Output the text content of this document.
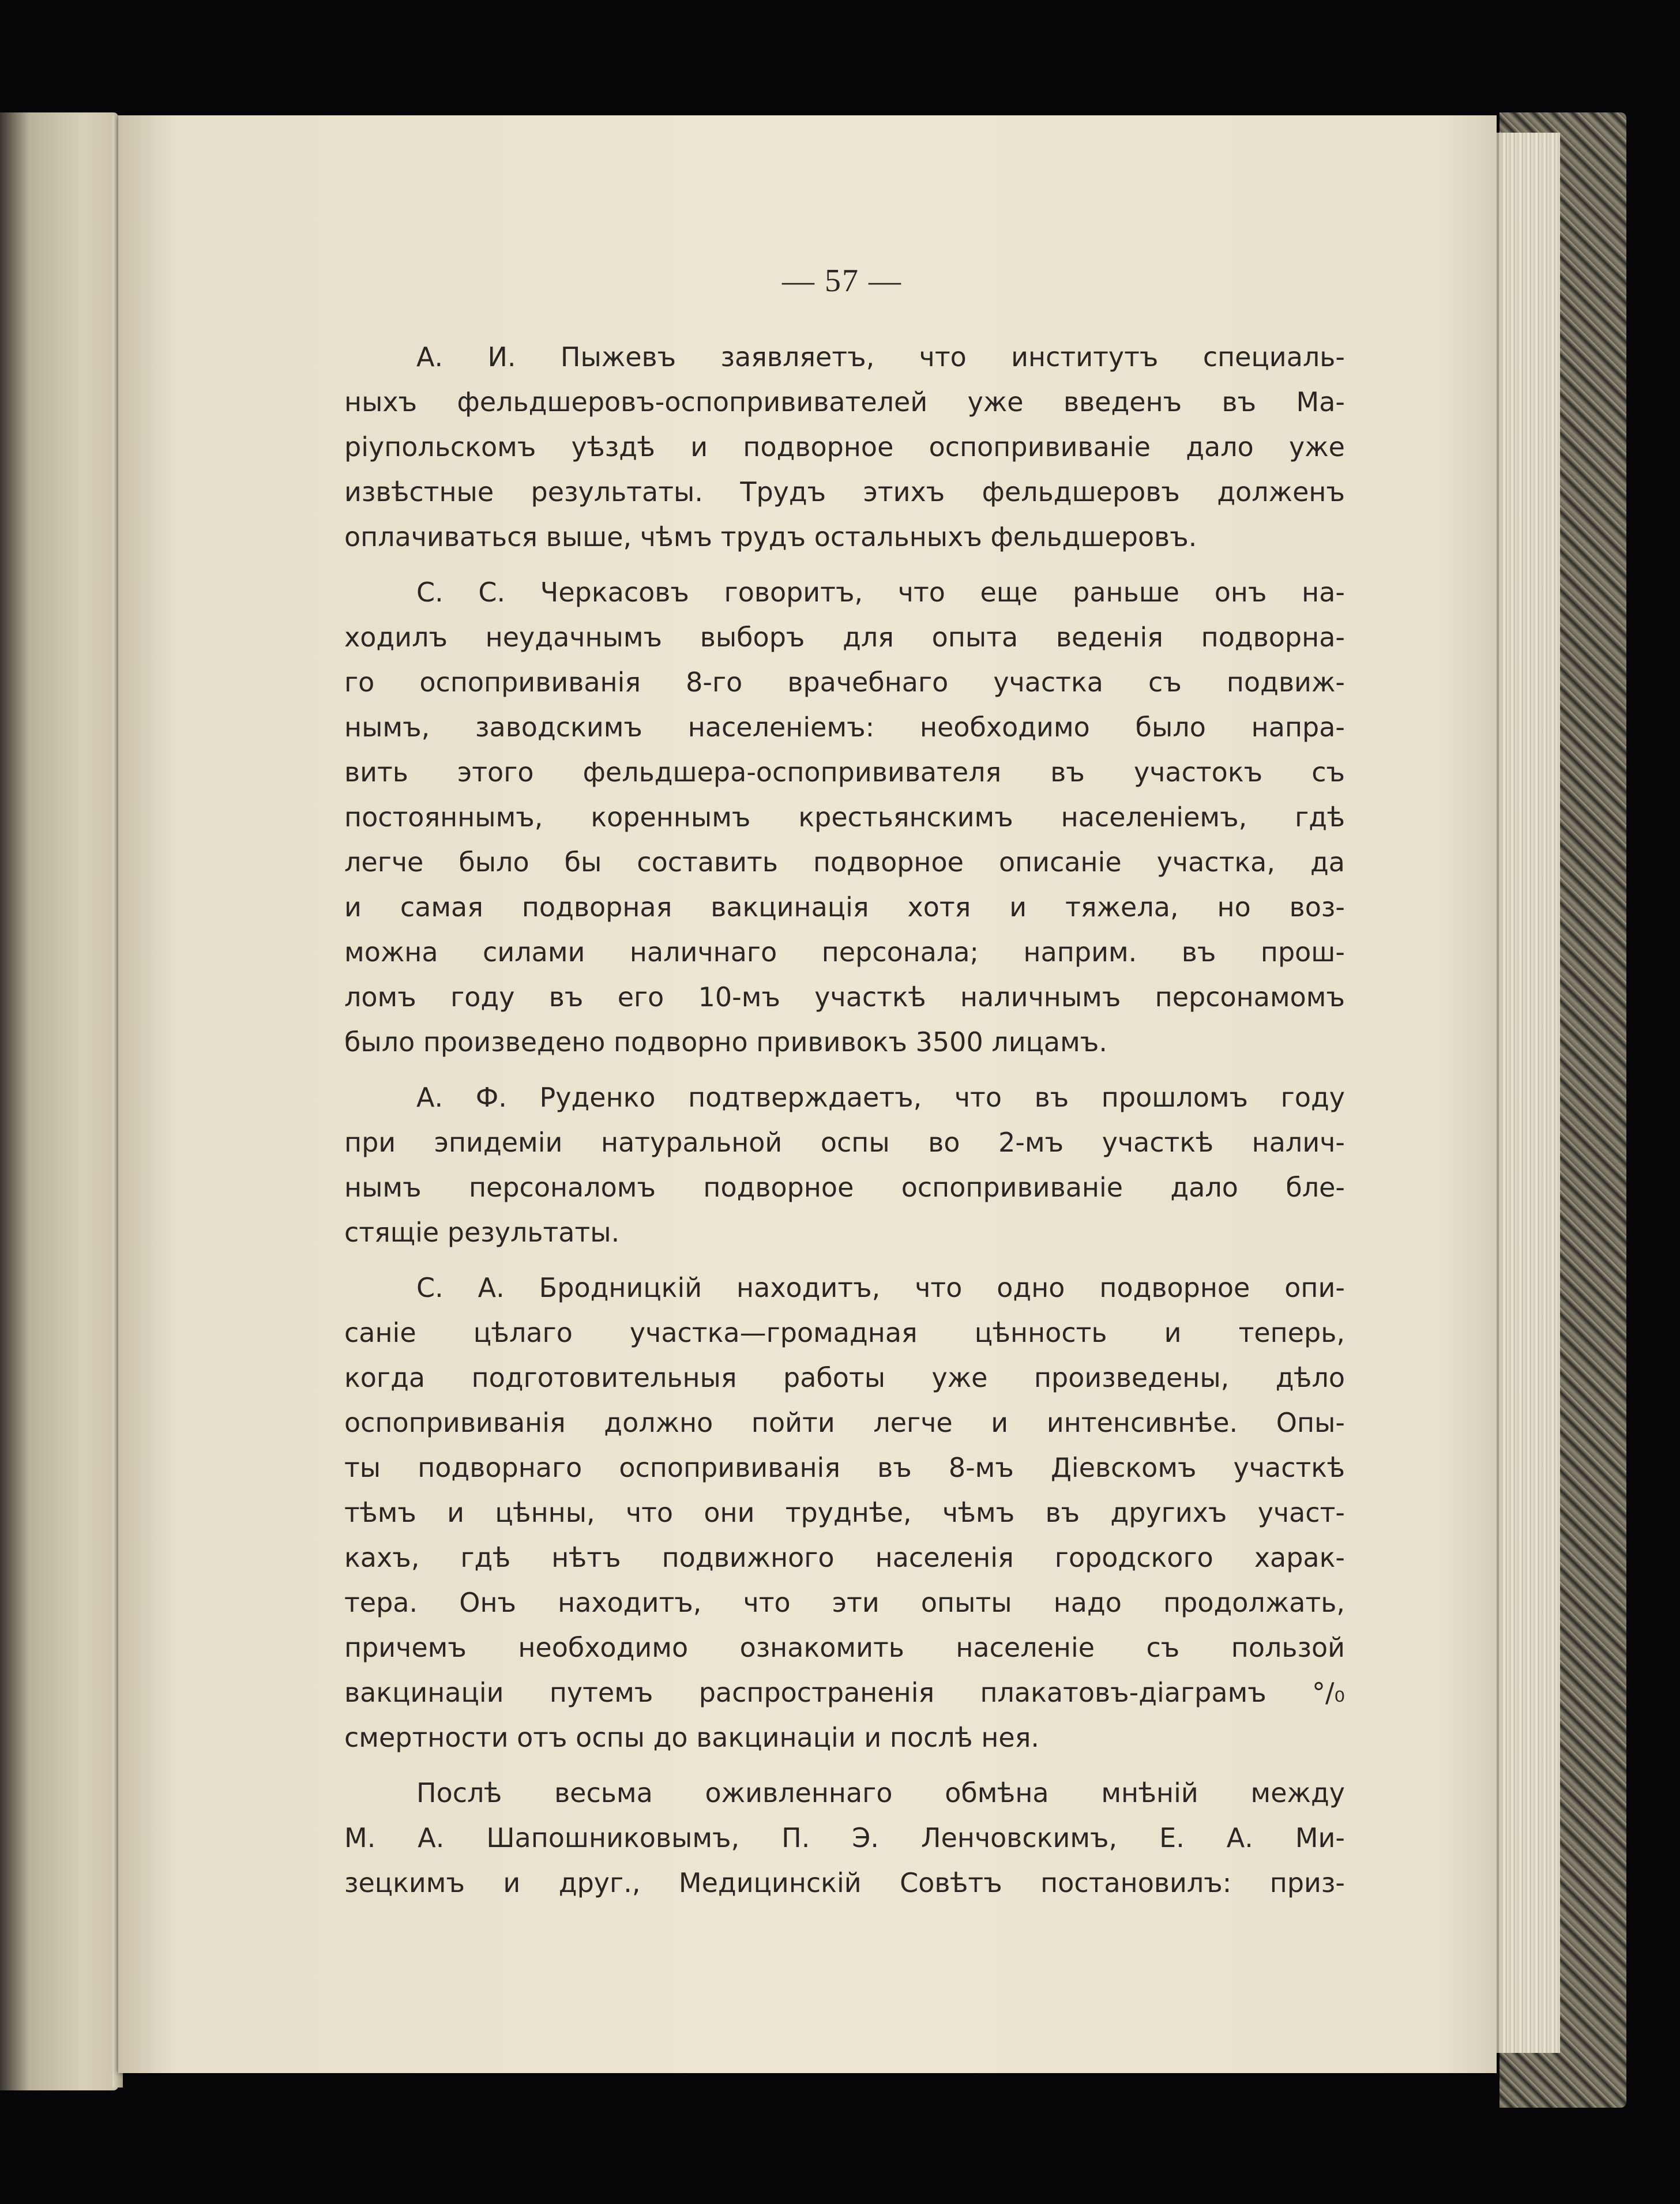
— 57 —
А. И. Пыжевъ заявляетъ, что институтъ специаль-
ныхъ фельдшеровъ-оспопрививателей уже введенъ въ Ма-
ріупольскомъ уѣздѣ и подворное оспопрививаніе дало уже
извѣстные результаты. Трудъ этихъ фельдшеровъ долженъ
оплачиваться выше, чѣмъ трудъ остальныхъ фельдшеровъ.
С. С. Черкасовъ говоритъ, что еще раньше онъ на-
ходилъ неудачнымъ выборъ для опыта веденія подворна-
го оспопрививанія 8-го врачебнаго участка съ подвиж-
нымъ, заводскимъ населеніемъ: необходимо было напра-
вить этого фельдшера-оспопрививателя въ участокъ съ
постояннымъ, кореннымъ крестьянскимъ населеніемъ, гдѣ
легче было бы составить подворное описаніе участка, да
и самая подворная вакцинація хотя и тяжела, но воз-
можна силами наличнаго персонала; наприм. въ прош-
ломъ году въ его 10-мъ участкѣ наличнымъ персонамомъ
было произведено подворно прививокъ 3500 лицамъ.
А. Ф. Руденко подтверждаетъ, что въ прошломъ году
при эпидеміи натуральной оспы во 2-мъ участкѣ налич-
нымъ персоналомъ подворное оспопрививаніе дало бле-
стящіе результаты.
С. А. Бродницкій находитъ, что одно подворное опи-
саніе цѣлаго участка—громадная цѣнность и теперь,
когда подготовительныя работы уже произведены, дѣло
оспопрививанія должно пойти легче и интенсивнѣе. Опы-
ты подворнаго оспопрививанія въ 8-мъ Діевскомъ участкѣ
тѣмъ и цѣнны, что они труднѣе, чѣмъ въ другихъ участ-
кахъ, гдѣ нѣтъ подвижного населенія городского харак-
тера. Онъ находитъ, что эти опыты надо продолжать,
причемъ необходимо ознакомить населеніе съ пользой
вакцинаціи путемъ распространенія плакатовъ-діаграмъ °/₀
смертности отъ оспы до вакцинаціи и послѣ нея.
Послѣ весьма оживленнаго обмѣна мнѣній между
М. А. Шапошниковымъ, П. Э. Ленчовскимъ, Е. А. Ми-
зецкимъ и друг., Медицинскій Совѣтъ постановилъ: приз-
